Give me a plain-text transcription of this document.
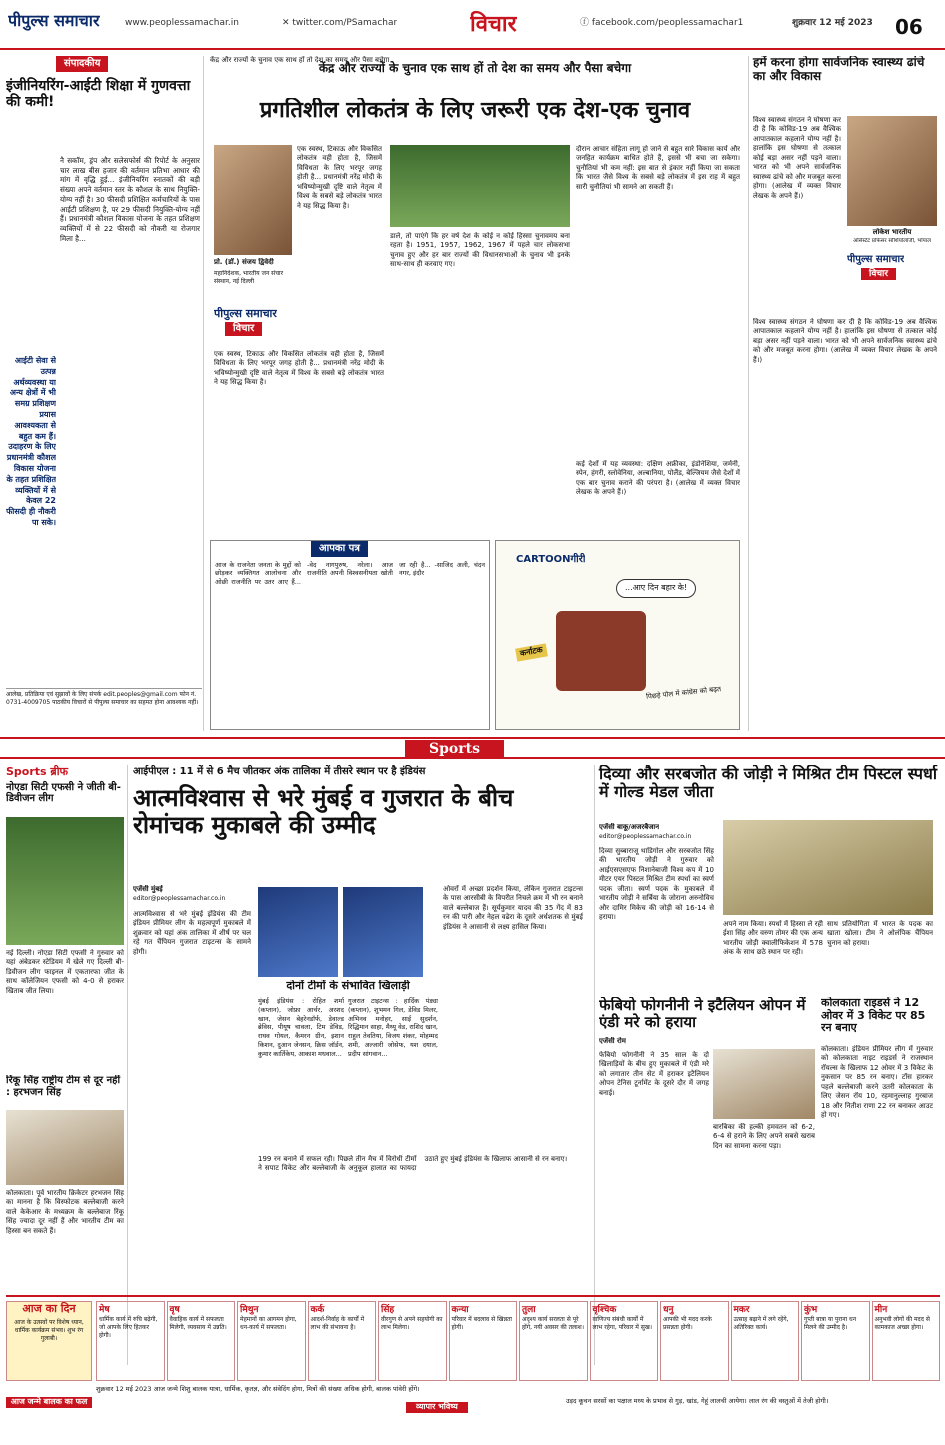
पीपुल्स समाचार	www.peoplessamachar.in	✕ twitter.com/PSamachar	विचार	ⓕ facebook.com/peoplessamachar1	शुक्रवार 12 मई 2023 06
संपादकीय
इंजीनियरिंग-आईटी शिक्षा में गुणवत्ता की कमी!
नै सकॉम, ड्रंप और सलेसफोर्स की रिपोर्ट के अनुसार चार लाख बीस हजार की वर्तमान प्रतिभा आधार की मांग में वृद्धि हुई... इंजीनियरिंग स्नातकों की बड़ी संख्या अपने वर्तमान स्तर के कौशल के साथ नियुक्ति-योग्य नहीं है। 30 फीसदी प्रशिक्षित कर्मचारियों के पास आईटी प्रशिक्षण है, पर 29 फीसदी नियुक्ति-योग्य नहीं हैं। प्रधानमंत्री कौशल विकास योजना के तहत प्रशिक्षण व्यक्तियों में से 22 फीसदी को नौकरी या रोजगार मिला है...
आईटी सेवा से उत्पन्न अर्थव्यवस्था या अन्य क्षेत्रों में भी समग्र प्रशिक्षण प्रयास आवश्यकता से बहुत कम हैं। उदाहरण के लिए प्रधानमंत्री कौशल विकास योजना के तहत प्रशिक्षित व्यक्तियों में से केवल 22 फीसदी ही नौकरी पा सके।
आलेख, प्रतिक्रिया एवं सुझावों के लिए संपर्क edit.peoples@gmail.com फोन नं. 0731-4009705 पाठकीय विचारों से पीपुल्स समाचार का सहमत होना आवश्यक नहीं।
केंद्र और राज्यों के चुनाव एक साथ हों तो देश का समय और पैसा बचेगा
केंद्र और राज्यों के चुनाव एक साथ हों तो देश का समय और पैसा बचेगा
प्रगतिशील लोकतंत्र के लिए जरूरी एक देश-एक चुनाव
प्रो. (डॉ.) संजय द्विवेदी
महानिदेशक, भारतीय जन संचार संस्थान, नई दिल्ली
पीपुल्स समाचार
विचार
एक स्वस्थ, टिकाऊ और विकसित लोकतंत्र वही होता है, जिसमें विविधता के लिए भरपूर जगह होती है... प्रधानमंत्री नरेंद्र मोदी के भविष्योन्मुखी दृष्टि वाले नेतृत्व में विश्व के सबसे बड़े लोकतंत्र भारत ने यह सिद्ध किया है।
एक स्वस्थ, टिकाऊ और विकसित लोकतंत्र वही होता है, जिसमें विविधता के लिए भरपूर जगह होती है... प्रधानमंत्री नरेंद्र मोदी के भविष्योन्मुखी दृष्टि वाले नेतृत्व में विश्व के सबसे बड़े लोकतंत्र भारत ने यह सिद्ध किया है।
डाले, तो पाएंगे कि हर वर्ष देश के कोई न कोई हिस्सा चुनावमय बना रहता है। 1951, 1957, 1962, 1967 में पहले चार लोकसभा चुनाव हुए और हर बार राज्यों की विधानसभाओं के चुनाव भी इनके साथ-साथ ही करवाए गए।
दौरान आचार संहिता लागू हो जाने से बहुत सारे विकास कार्य और जनहित कार्यक्रम बाधित होते हैं, इससे भी बचा जा सकेगा। चुनौतियां भी कम नहीं: इस बात से इंकार नहीं किया जा सकता कि भारत जैसे विश्व के सबसे बड़े लोकतंत्र में इस राह में बहुत सारी चुनौतियां भी सामने आ सकती हैं।
कई देशों में यह व्यवस्था: दक्षिण अफ्रीका, इंडोनेशिया, जर्मनी, स्पेन, हंगरी, स्लोवेनिया, अल्बानिया, पोलैंड, बेल्जियम जैसे देशों में एक बार चुनाव कराने की परंपरा है। (आलेख में व्यक्त विचार लेखक के अपने हैं।)
आपका पत्र
आज के राजनेता जनता के मुद्दों को छोड़कर व्यक्तिगत आलोचना और ओछी राजनीति पर उतर आए हैं... -वेद नागपुरुष, नरेला। आज राजनीति अपनी विश्वसनीयता खोती जा रही है... -साजिद अली, चंदन नगर, इंदौर
CARTOONगीरी
...आए दिन बहार के!
कर्नाटक
पिछड़े पोल में कांग्रेस को बढ़त
हमें करना होगा सार्वजनिक स्वास्थ्य ढांचे का और विकास
विश्व स्वास्थ्य संगठन ने घोषणा कर दी है कि कोविड-19 अब वैश्विक आपातकाल कहलाने योग्य नहीं है। हालांकि इस घोषणा से तत्काल कोई बड़ा असर नहीं पड़ने वाला। भारत को भी अपने सार्वजनिक स्वास्थ्य ढांचे को और मजबूत करना होगा। (आलेख में व्यक्त विचार लेखक के अपने हैं।)
लोकेश भारतीय
असिस्टेंट प्रोफेसर सोशियोलॉजी, भोपाल
पीपुल्स समाचार
विचार
विश्व स्वास्थ्य संगठन ने घोषणा कर दी है कि कोविड-19 अब वैश्विक आपातकाल कहलाने योग्य नहीं है। हालांकि इस घोषणा से तत्काल कोई बड़ा असर नहीं पड़ने वाला। भारत को भी अपने सार्वजनिक स्वास्थ्य ढांचे को और मजबूत करना होगा। (आलेख में व्यक्त विचार लेखक के अपने हैं।)
Sports
Sports ब्रीफ
नोएडा सिटी एफसी ने जीती बी-डिवीजन लीग
नई दिल्ली। नोएडा सिटी एफसी ने गुरुवार को यहां अंबेडकर स्टेडियम में खेले गए दिल्ली बी-डिवीजन लीग फाइनल में एकतारफा जीत के साथ कॉलेजियन एफसी को 4-0 से हराकर खिताब जीत लिया।
रिंकू सिंह राष्ट्रीय टीम से दूर नहीं : हरभजन सिंह
कोलकाता। पूर्व भारतीय क्रिकेटर हरभजन सिंह का मानना है कि विस्फोटक बल्लेबाजी करने वाले केकेआर के मध्यक्रम के बल्लेबाज रिंकू सिंह ज्यादा दूर नहीं हैं और भारतीय टीम का हिस्सा बन सकते हैं।
आईपीएल : 11 में से 6 मैच जीतकर अंक तालिका में तीसरे स्थान पर है इंडियंस
आत्मविश्वास से भरे मुंबई व गुजरात के बीच रोमांचक मुकाबले की उम्मीद
एजेंसी मुंबई
editor@peoplessamachar.co.in
आत्मविश्वास से भरे मुंबई इंडियंस की टीम इंडियन प्रीमियर लीग के महत्वपूर्ण मुकाबले में शुक्रवार को यहां अंक तालिका में शीर्ष पर चल रहे गत चैंपियन गुजरात टाइटन्स के सामने होगी।
दोनों टीमों के संभावित खिलाड़ी
मुंबई इंडियंस : रोहित शर्मा (कप्तान), जोफ्रा आर्चर, अरशद खान, जेसन बेहरेनडॉर्फ, डेवाल्ड ब्रेविस, पीयूष चावला, टिम डेविड, राघव गोयल, कैमरन ग्रीन, इशान किशन, दुआन जेनसन, क्रिस जॉर्डन, कुमार कार्तिकेय, आकाश मधवाल...
गुजरात टाइटन्स : हार्दिक पंड्या (कप्तान), शुभमन गिल, डेविड मिलर, अभिनव मनोहर, साई सुदर्शन, रिद्धिमान साहा, मैथ्यू वेड, राशिद खान, राहुल तेवतिया, विजय शंकर, मोहम्मद शमी, अल्जारी जोसेफ, यश दयाल, प्रदीप सांगवान...
ओवरों में अच्छा प्रदर्शन किया, लेकिन गुजरात टाइटन्स के पास आरसीबी के विपरीत निचले क्रम में भी रन बनाने वाले बल्लेबाज हैं। सूर्यकुमार यादव की 35 गेंद में 83 रन की पारी और नेहल वढेरा के दूसरे अर्धशतक से मुंबई इंडियंस ने आसानी से लक्ष्य हासिल किया।
199 रन बनाने में सफल रही। पिछले तीन मैच में विरोधी टीमों ने सपाट विकेट और बल्लेबाजी के अनुकूल हालात का फायदा उठाते हुए मुंबई इंडियंस के खिलाफ आसानी से रन बनाए।
दिव्या और सरबजोत की जोड़ी ने मिश्रित टीम पिस्टल स्पर्धा में गोल्ड मेडल जीता
एजेंसी बाकू/अजरबैजान
editor@peoplessamachar.co.in
दिव्या सुब्बाराजू थाडिगोल और सरबजोत सिंह की भारतीय जोड़ी ने गुरुवार को आईएसएसएफ निशानेबाजी विश्व कप में 10 मीटर एयर पिस्टल मिश्रित टीम स्पर्धा का स्वर्ण पदक जीता। स्वर्ण पदक के मुकाबले में भारतीय जोड़ी ने सर्बिया के जोराना अरुनोविच और दामिर मिकेच की जोड़ी को 16-14 से हराया।
अपने नाम किया। स्पर्धा में हिस्सा ले रही ईशा सिंह और वरुण तोमर की एक अन्य भारतीय जोड़ी क्वालीफिकेशन में 578 अंक के साथ छठे स्थान पर रही।
साथ प्रतियोगिता में भारत के पदक का खाता खोला। टीम ने ओलंपिक चैंपियन चुनान को हराया।
फेबियो फोगनीनी ने इटैलियन ओपन में एंडी मरे को हराया
एजेंसी रोम
फेबियो फोगनीनी ने 35 साल के दो खिलाड़ियों के बीच हुए मुकाबले में एंडी मरे को लगातार तीन सेट में हराकर इटैलियन ओपन टेनिस टूर्नामेंट के दूसरे दौर में जगह बनाई।
बारबिका की हल्की हमवतन को 6-2, 6-4 से हराने के लिए अपने सबसे खराब दिन का सामना करना पड़ा।
कोलकाता राइडर्स ने 12 ओवर में 3 विकेट पर 85 रन बनाए
कोलकाता। इंडियन प्रीमियर लीग में गुरुवार को कोलकाता नाइट राइडर्स ने राजस्थान रॉयल्स के खिलाफ 12 ओवर में 3 विकेट के नुकसान पर 85 रन बनाए। टॉस हारकर पहले बल्लेबाजी करने उतरी कोलकाता के लिए जेसन रॉय 10, रहमानुल्लाह गुरबाज 18 और नितीश राणा 22 रन बनाकर आउट हो गए।
आज का दिन
आज के उत्सवों पर विशेष ध्यान, धार्मिक कार्यक्रम संभव। शुभ रंग गुलाबी।
मेष
धार्मिक कार्य में रुचि बढ़ेगी, जो आपके लिए हितकर होगी।
वृष
वैवाहिक कार्य में सफलता मिलेगी, व्यवसाय में उन्नति।
मिथुन
मेहमानों का आगमन होगा, धन-कार्य में सफलता।
कर्क
आदर्श-निर्वाह के कार्यों में लाभ की संभावना है।
सिंह
वीरगुण से अपने सहयोगी का लाभ मिलेगा।
कन्या
परिवार में बदलाव से खिन्नता होगी।
तुला
अदृश्य कार्य सरलता से पूरे होंगे, नयी अवसर की तलाश।
वृश्चिक
वाणिज्य संबंधी कार्यों में लाभ रहेगा, परिवार में सुख।
धनु
आपकी भी मदद करके प्रसन्नता होगी।
मकर
उत्साह बढ़ाने में लगे रहेंगे, अतिरिक्त कार्य।
कुंभ
गुप्ती बात्रा या पुराना धन मिलने की उम्मीद है।
मीन
अनुभवी लोगों की मदद से कामकाज अच्छा होगा।
शुक्रवार 12 मई 2023 आज जन्मे शिशु बालक यात्रा, धार्मिक, कृतज्ञ, और संवेदिंग होगा, मित्रों की संख्या अधिक होगी, बालक पांवेरी होंगे।
आज जन्मे बालक का फल
व्यापार भविष्य
उड़द कूचन सरसों का पक्षाल मध्य के प्रभाव से गुड़, खांड, गेहूं लालची आयेगा। लाल रंग की वस्तुओं में तेजी होगी।
